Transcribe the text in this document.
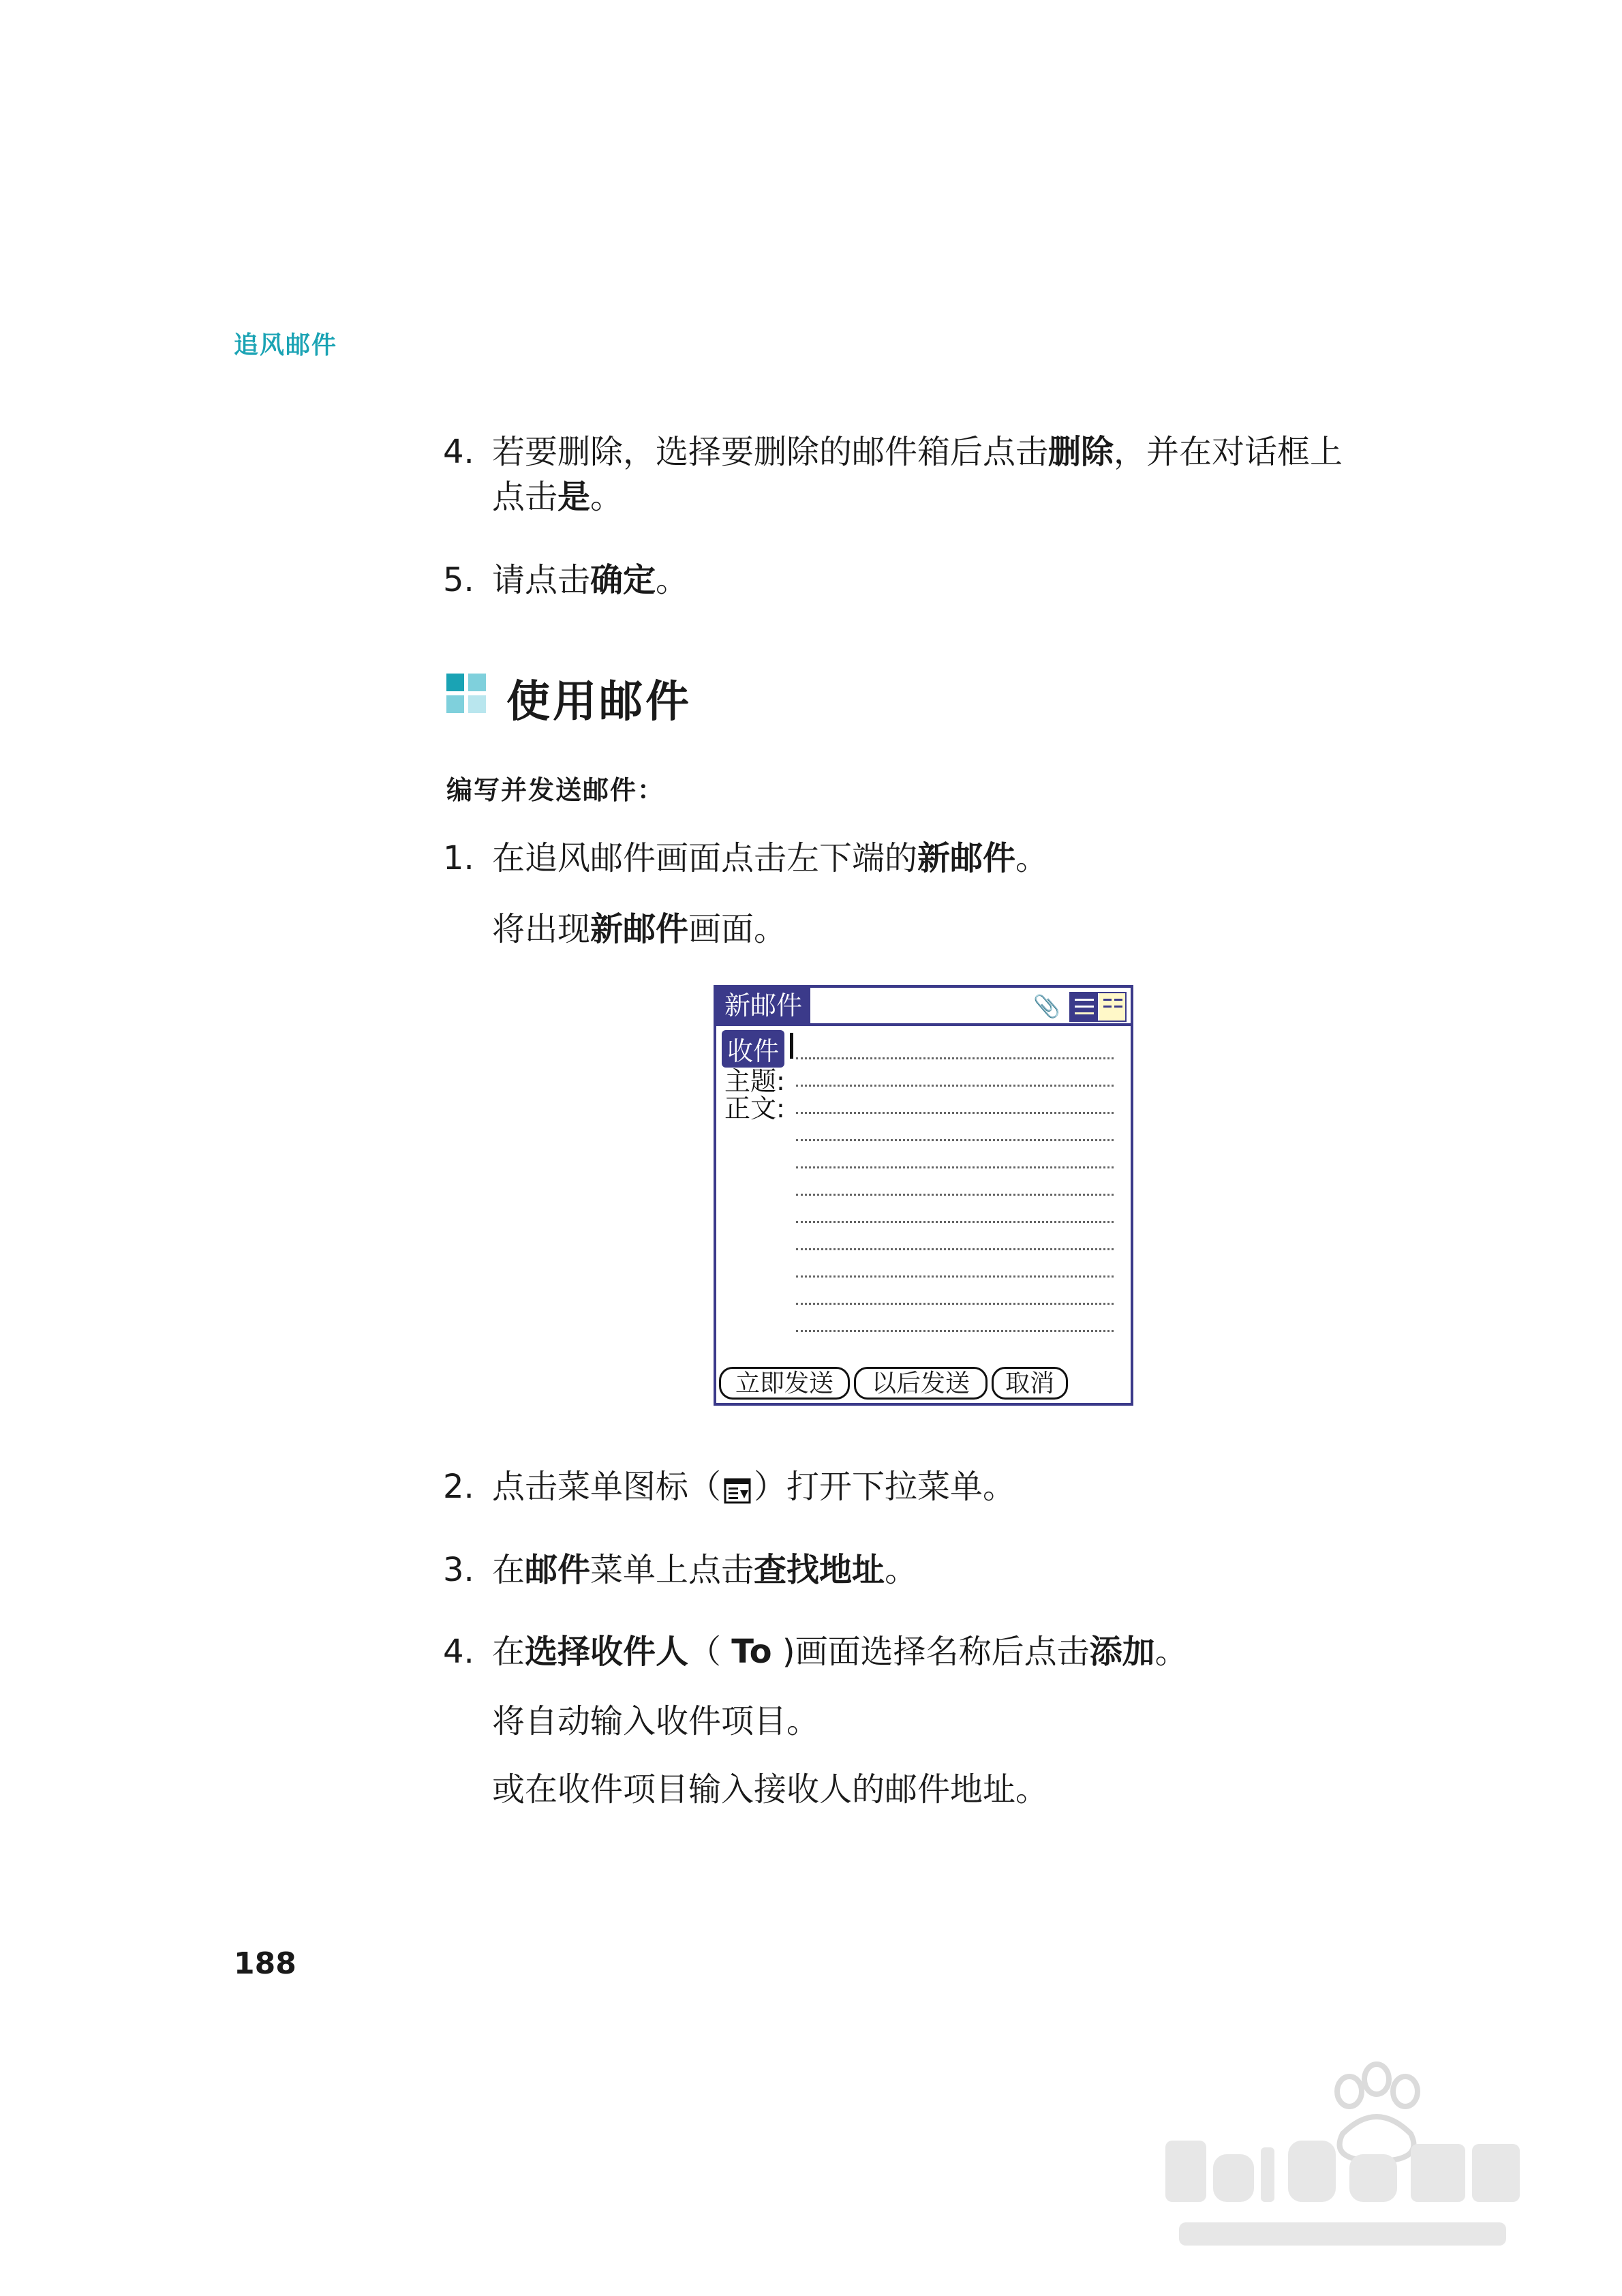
追风邮件
4. 若要删除，选择要删除的邮件箱后点击删除，并在对话框上
点击是。
5. 请点击确定。
使用邮件
编写并发送邮件：
1. 在追风邮件画面点击左下端的新邮件。
将出现新邮件画面。
新邮件	📎
收件
主题:
正文:
立即发送	以后发送	取消
2. 点击菜单图标（ ）打开下拉菜单。
3. 在邮件菜单上点击查找地址。
4. 在选择收件人（ To )画面选择名称后点击添加。
将自动输入收件项目。
或在收件项目输入接收人的邮件地址。
188
